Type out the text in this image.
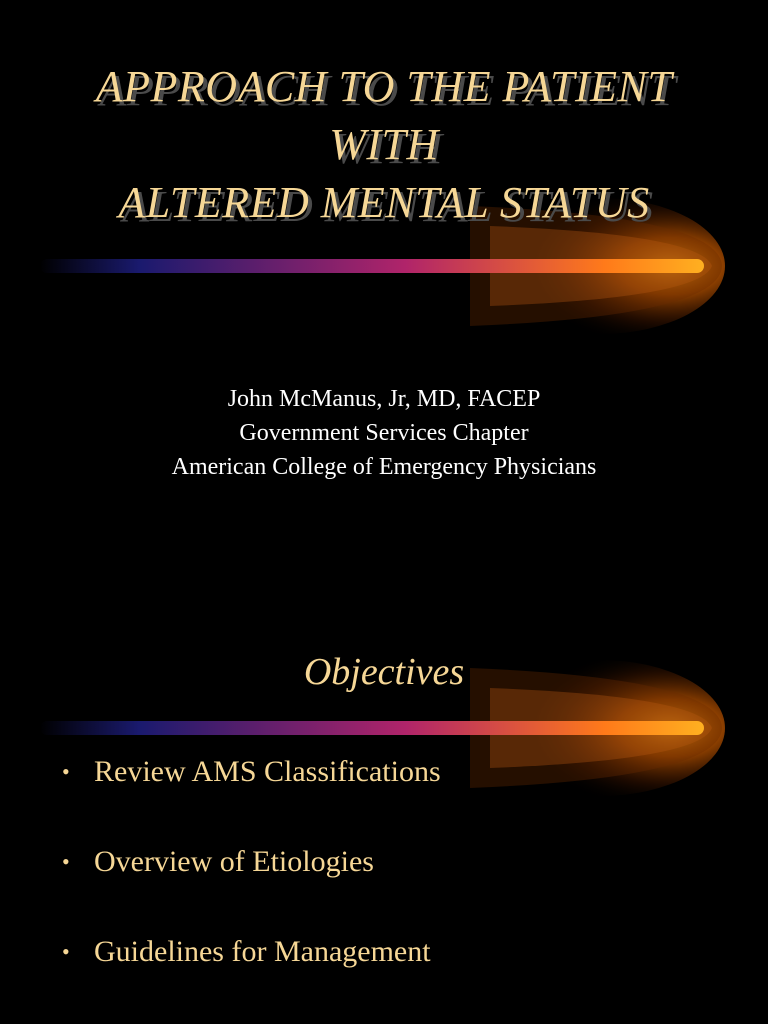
APPROACH TO THE PATIENT
WITH
ALTERED MENTAL STATUS
John McManus, Jr, MD, FACEP
Government Services Chapter
American College of Emergency Physicians
Objectives
• Review AMS Classifications
• Overview of Etiologies
• Guidelines for Management
